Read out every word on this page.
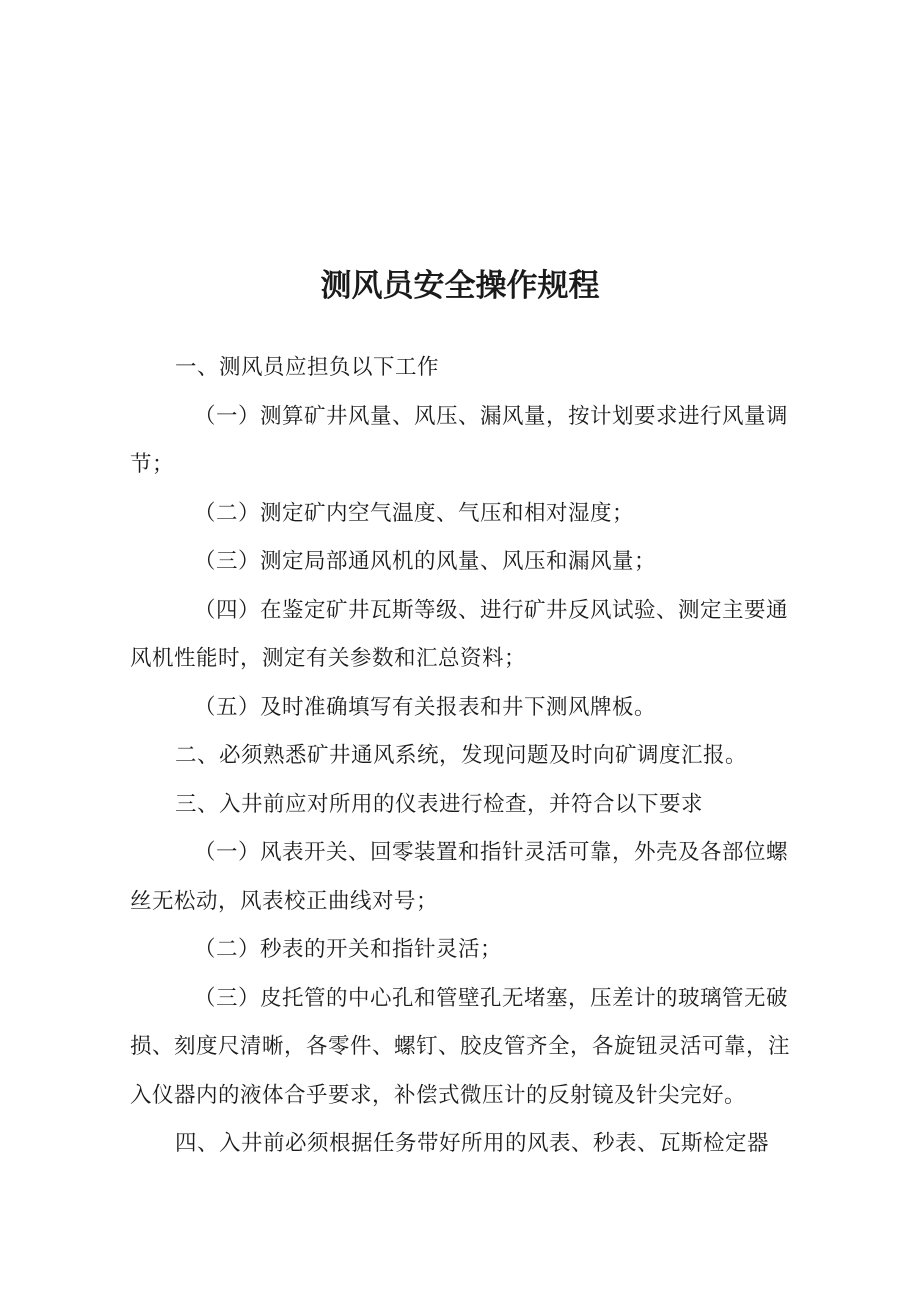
测风员安全操作规程

一、测风员应担负以下工作

（一）测算矿井风量、风压、漏风量，按计划要求进行风量调节；

（二）测定矿内空气温度、气压和相对湿度；

（三）测定局部通风机的风量、风压和漏风量；

（四）在鉴定矿井瓦斯等级、进行矿井反风试验、测定主要通风机性能时，测定有关参数和汇总资料；

（五）及时准确填写有关报表和井下测风牌板。

二、必须熟悉矿井通风系统，发现问题及时向矿调度汇报。

三、入井前应对所用的仪表进行检查，并符合以下要求

（一）风表开关、回零装置和指针灵活可靠，外壳及各部位螺丝无松动，风表校正曲线对号；

（二）秒表的开关和指针灵活；

（三）皮托管的中心孔和管壁孔无堵塞，压差计的玻璃管无破损、刻度尺清晰，各零件、螺钉、胶皮管齐全，各旋钮灵活可靠，注入仪器内的液体合乎要求，补偿式微压计的反射镜及针尖完好。

四、入井前必须根据任务带好所用的风表、秒表、瓦斯检定器
